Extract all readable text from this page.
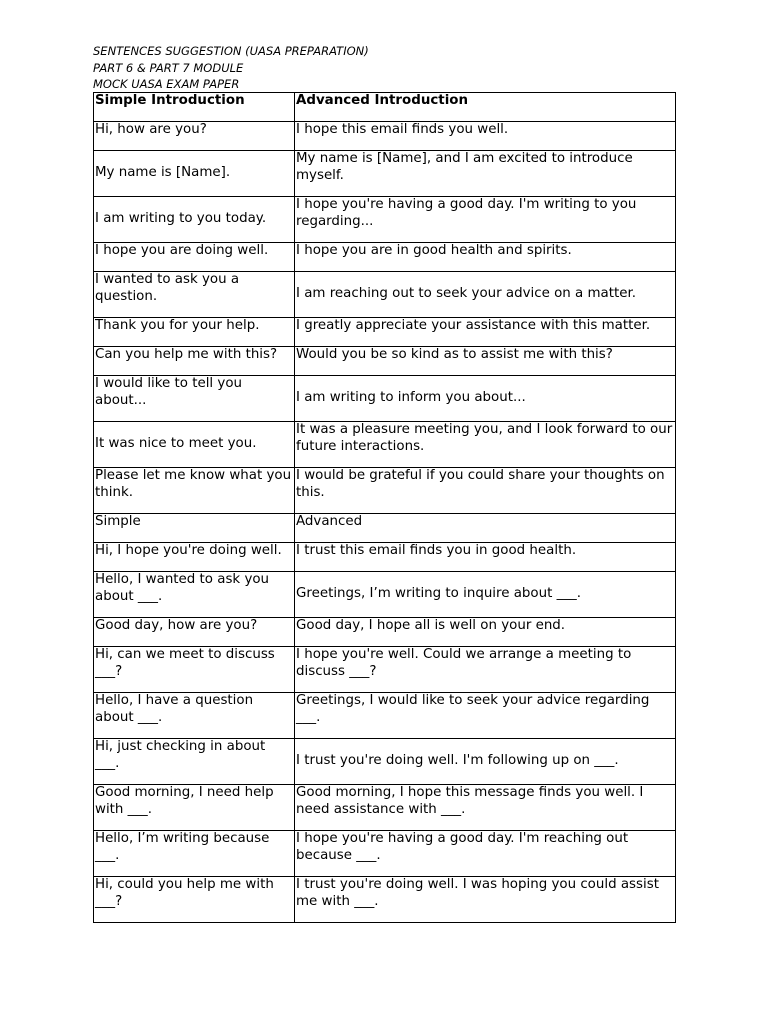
SENTENCES SUGGESTION (UASA PREPARATION)
PART 6 & PART 7 MODULE
MOCK UASA EXAM PAPER
Simple Introduction	Advanced Introduction
Hi, how are you?	I hope this email finds you well.
My name is [Name].	My name is [Name], and I am excited to introduce myself.
I am writing to you today.	I hope you're having a good day. I'm writing to you regarding...
I hope you are doing well.	I hope you are in good health and spirits.
I wanted to ask you a question.	I am reaching out to seek your advice on a matter.
Thank you for your help.	I greatly appreciate your assistance with this matter.
Can you help me with this?	Would you be so kind as to assist me with this?
I would like to tell you about...	I am writing to inform you about...
It was nice to meet you.	It was a pleasure meeting you, and I look forward to our future interactions.
Please let me know what you think.	I would be grateful if you could share your thoughts on this.
Simple	Advanced
Hi, I hope you're doing well.	I trust this email finds you in good health.
Hello, I wanted to ask you about ___.	Greetings, I’m writing to inquire about ___.
Good day, how are you?	Good day, I hope all is well on your end.
Hi, can we meet to discuss ___?	I hope you're well. Could we arrange a meeting to discuss ___?
Hello, I have a question about ___.	Greetings, I would like to seek your advice regarding ___.
Hi, just checking in about ___.	I trust you're doing well. I'm following up on ___.
Good morning, I need help with ___.	Good morning, I hope this message finds you well. I need assistance with ___.
Hello, I’m writing because ___.	I hope you're having a good day. I'm reaching out because ___.
Hi, could you help me with ___?	I trust you're doing well. I was hoping you could assist me with ___.
